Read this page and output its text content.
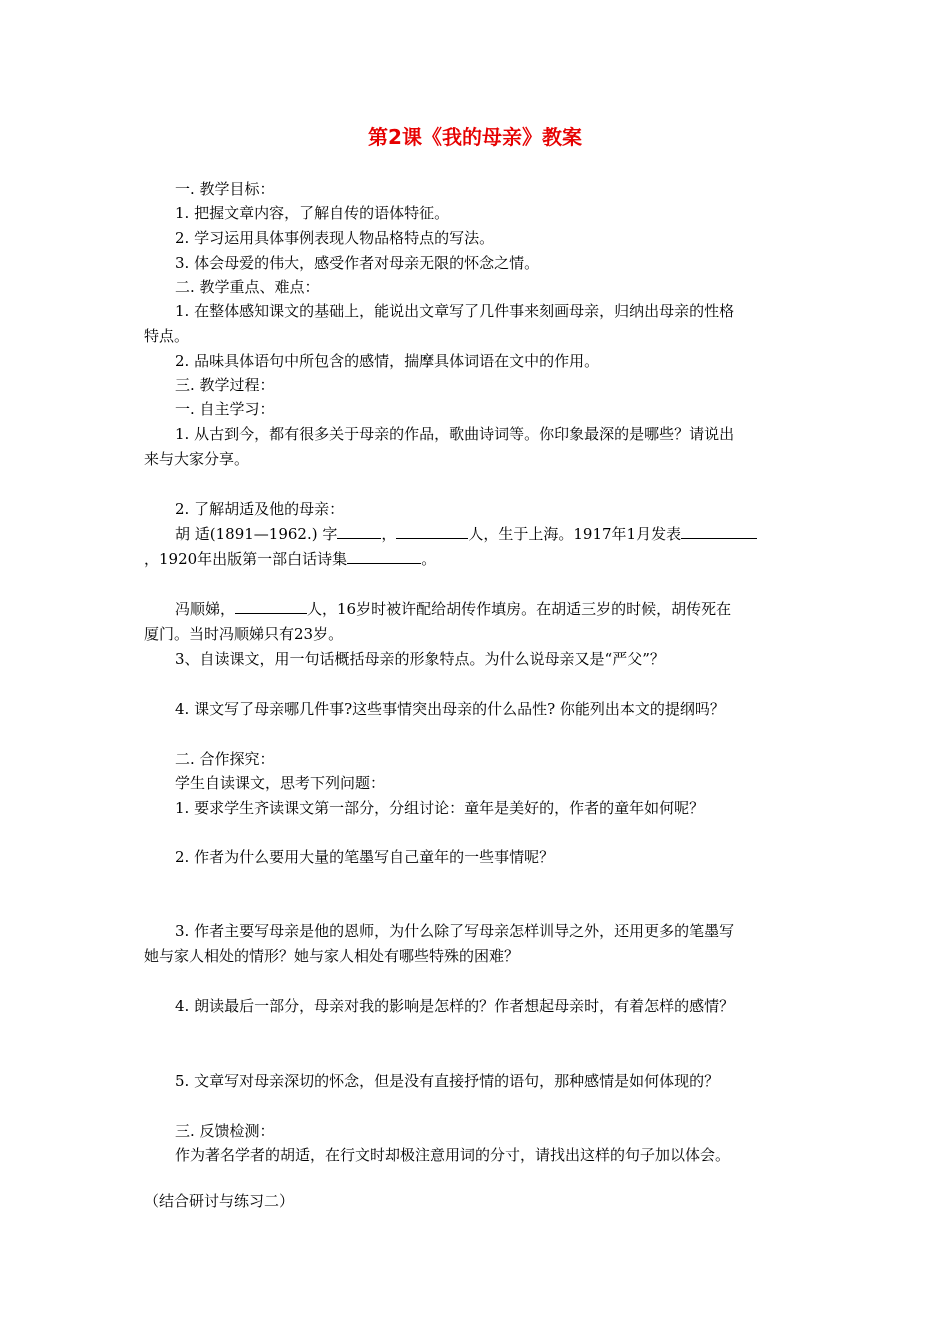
第2课《我的母亲》教案
一. 教学目标：
1. 把握文章内容，了解自传的语体特征。
2. 学习运用具体事例表现人物品格特点的写法。
3. 体会母爱的伟大，感受作者对母亲无限的怀念之情。
二. 教学重点、难点：
1. 在整体感知课文的基础上，能说出文章写了几件事来刻画母亲，归纳出母亲的性格
特点。
2. 品味具体语句中所包含的感情，揣摩具体词语在文中的作用。
三. 教学过程：
一. 自主学习：
1. 从古到今，都有很多关于母亲的作品，歌曲诗词等。你印象最深的是哪些？请说出
来与大家分享。
2. 了解胡适及他的母亲：
胡 适(1891—1962.) 字	，	人，生于上海。1917年1月发表
，1920年出版第一部白话诗集	。
冯顺娣，	人，16岁时被许配给胡传作填房。在胡适三岁的时候，胡传死在
厦门。当时冯顺娣只有23岁。
3、自读课文，用一句话概括母亲的形象特点。为什么说母亲又是“严父”？
4. 课文写了母亲哪几件事?这些事情突出母亲的什么品性? 你能列出本文的提纲吗？
二. 合作探究：
学生自读课文，思考下列问题：
1. 要求学生齐读课文第一部分，分组讨论：童年是美好的，作者的童年如何呢？
2. 作者为什么要用大量的笔墨写自己童年的一些事情呢？
3. 作者主要写母亲是他的恩师，为什么除了写母亲怎样训导之外，还用更多的笔墨写
她与家人相处的情形？她与家人相处有哪些特殊的困难？
4. 朗读最后一部分，母亲对我的影响是怎样的？作者想起母亲时，有着怎样的感情？
5. 文章写对母亲深切的怀念，但是没有直接抒情的语句，那种感情是如何体现的？
三. 反馈检测：
作为著名学者的胡适，在行文时却极注意用词的分寸，请找出这样的句子加以体会。
（结合研讨与练习二）
